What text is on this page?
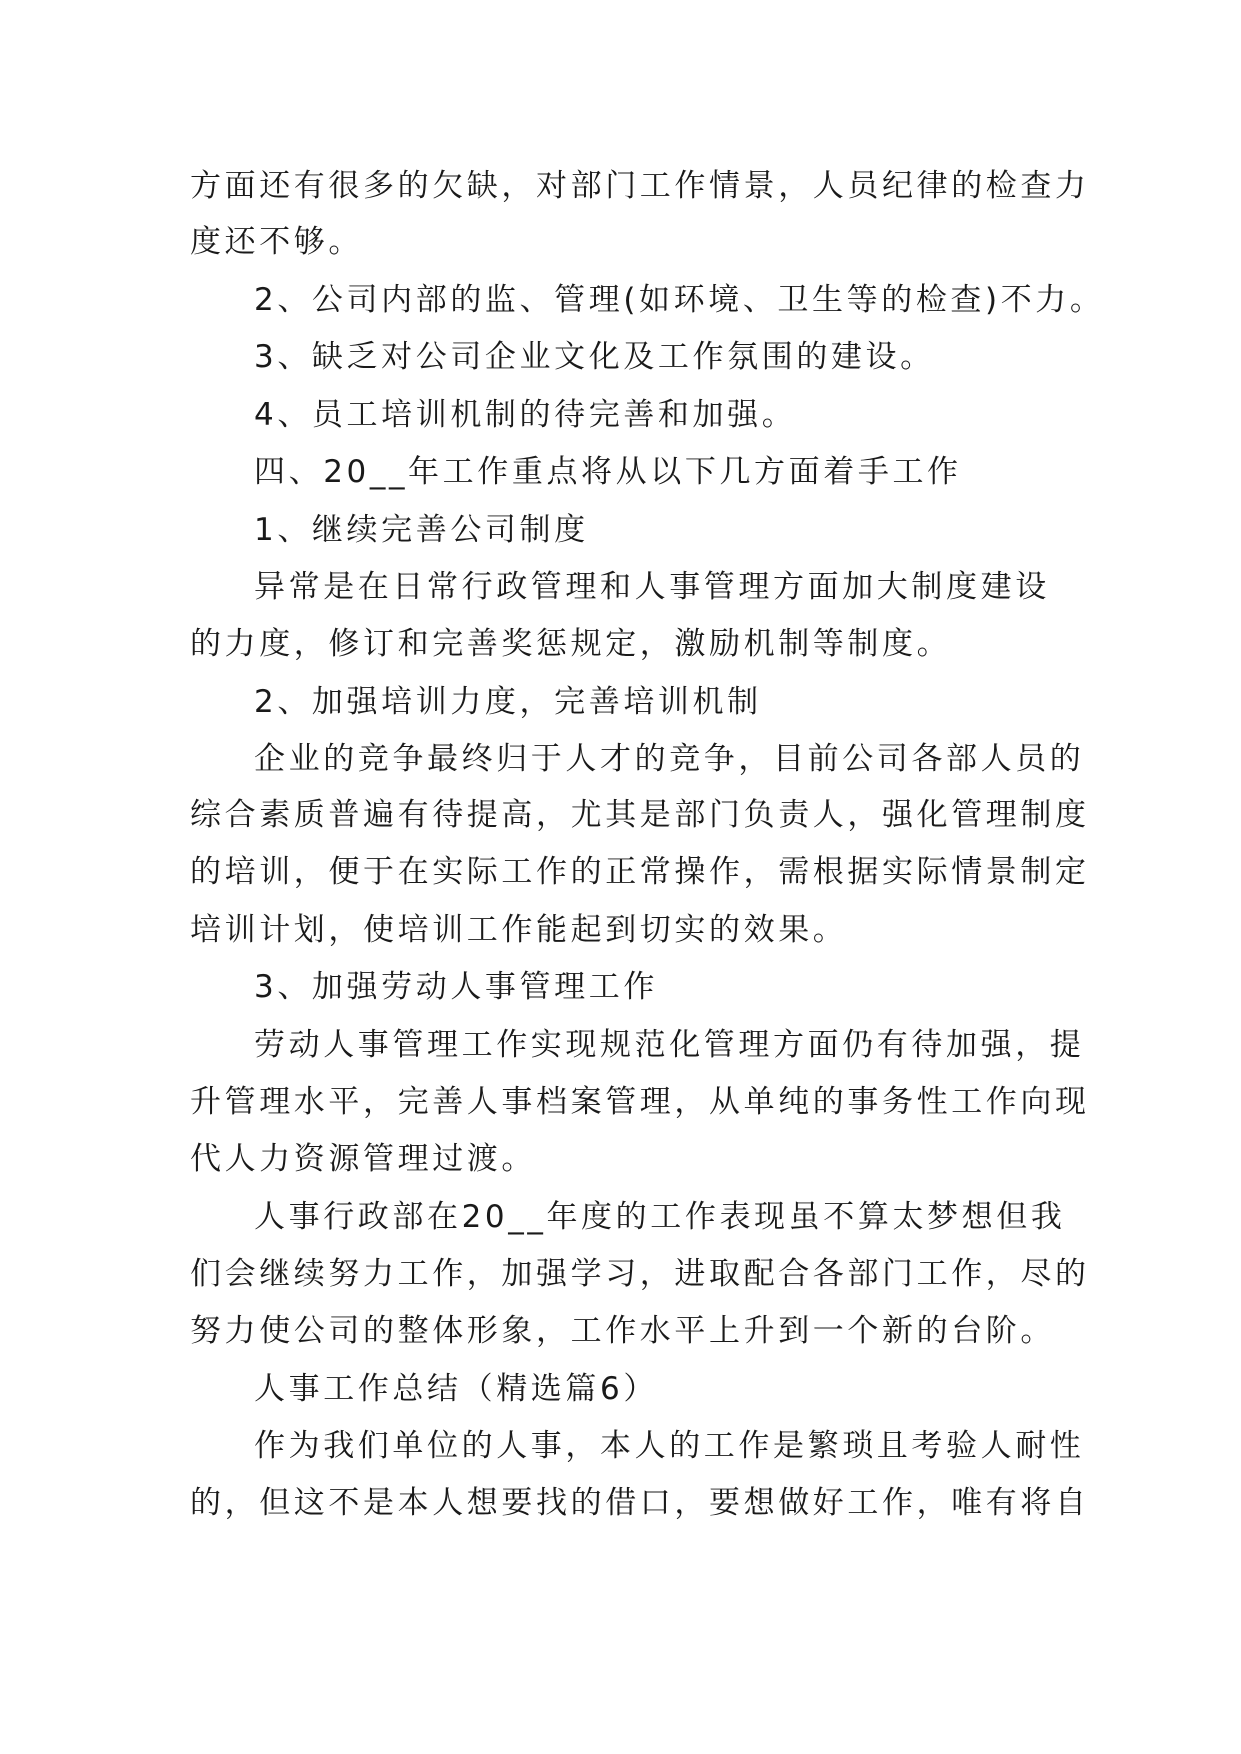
方面还有很多的欠缺，对部门工作情景，人员纪律的检查力
度还不够。
2、公司内部的监、管理(如环境、卫生等的检查)不力。
3、缺乏对公司企业文化及工作氛围的建设。
4、员工培训机制的待完善和加强。
四、20__年工作重点将从以下几方面着手工作
1、继续完善公司制度
异常是在日常行政管理和人事管理方面加大制度建设
的力度，修订和完善奖惩规定，激励机制等制度。
2、加强培训力度，完善培训机制
企业的竞争最终归于人才的竞争，目前公司各部人员的
综合素质普遍有待提高，尤其是部门负责人，强化管理制度
的培训，便于在实际工作的正常操作，需根据实际情景制定
培训计划，使培训工作能起到切实的效果。
3、加强劳动人事管理工作
劳动人事管理工作实现规范化管理方面仍有待加强，提
升管理水平，完善人事档案管理，从单纯的事务性工作向现
代人力资源管理过渡。
人事行政部在20__年度的工作表现虽不算太梦想但我
们会继续努力工作，加强学习，进取配合各部门工作，尽的
努力使公司的整体形象，工作水平上升到一个新的台阶。
人事工作总结（精选篇6）
作为我们单位的人事，本人的工作是繁琐且考验人耐性
的，但这不是本人想要找的借口，要想做好工作，唯有将自
